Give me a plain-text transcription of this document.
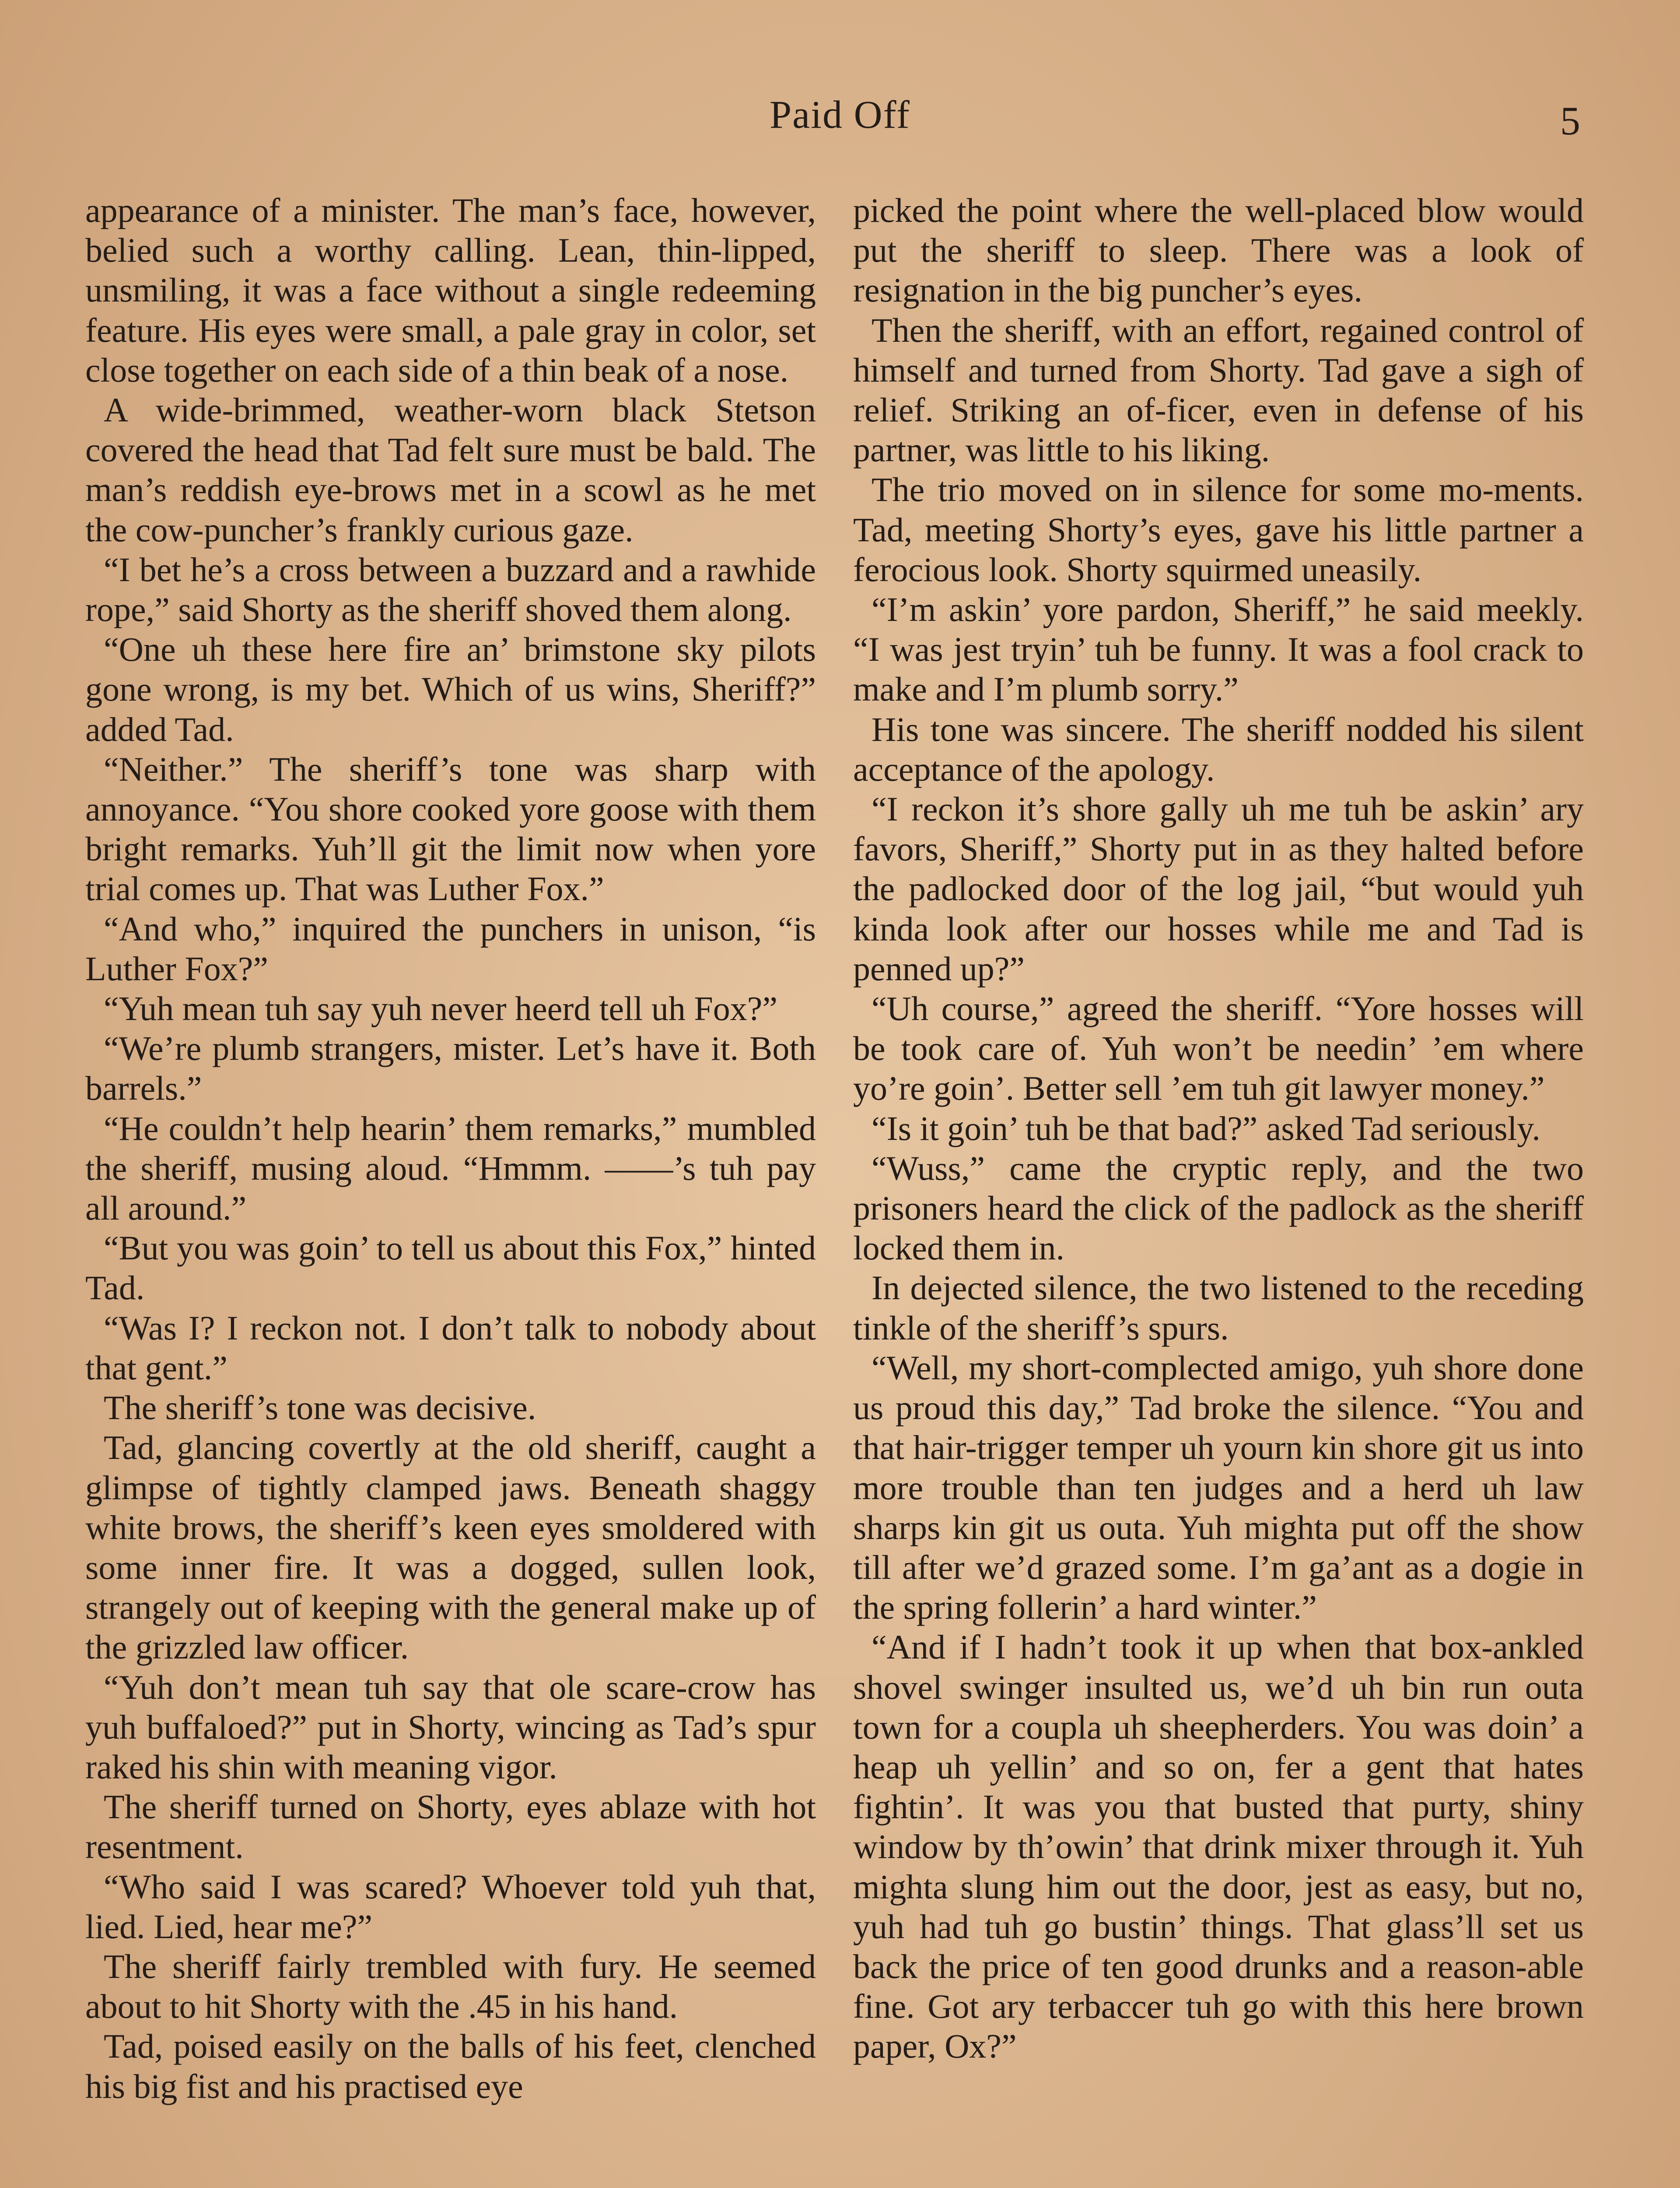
Paid Off	5

appearance of a minister. The man’s face, however, belied such a worthy calling. Lean, thin-lipped, unsmiling, it was a face without a single redeeming feature. His eyes were small, a pale gray in color, set close together on each side of a thin beak of a nose.

A wide-brimmed, weather-worn black Stetson covered the head that Tad felt sure must be bald. The man’s reddish eye-brows met in a scowl as he met the cow-puncher’s frankly curious gaze.

“I bet he’s a cross between a buzzard and a rawhide rope,” said Shorty as the sheriff shoved them along.

“One uh these here fire an’ brimstone sky pilots gone wrong, is my bet. Which of us wins, Sheriff?” added Tad.

“Neither.” The sheriff’s tone was sharp with annoyance. “You shore cooked yore goose with them bright remarks. Yuh’ll git the limit now when yore trial comes up. That was Luther Fox.”

“And who,” inquired the punchers in unison, “is Luther Fox?”

“Yuh mean tuh say yuh never heerd tell uh Fox?”

“We’re plumb strangers, mister. Let’s have it. Both barrels.”

“He couldn’t help hearin’ them remarks,” mumbled the sheriff, musing aloud. “Hmmm. ——’s tuh pay all around.”

“But you was goin’ to tell us about this Fox,” hinted Tad.

“Was I? I reckon not. I don’t talk to nobody about that gent.”

The sheriff’s tone was decisive.

Tad, glancing covertly at the old sheriff, caught a glimpse of tightly clamped jaws. Beneath shaggy white brows, the sheriff’s keen eyes smoldered with some inner fire. It was a dogged, sullen look, strangely out of keeping with the general make up of the grizzled law officer.

“Yuh don’t mean tuh say that ole scare-crow has yuh buffaloed?” put in Shorty, wincing as Tad’s spur raked his shin with meaning vigor.

The sheriff turned on Shorty, eyes ablaze with hot resentment.

“Who said I was scared? Whoever told yuh that, lied. Lied, hear me?”

The sheriff fairly trembled with fury. He seemed about to hit Shorty with the .45 in his hand.

Tad, poised easily on the balls of his feet, clenched his big fist and his practised eye

picked the point where the well-placed blow would put the sheriff to sleep. There was a look of resignation in the big puncher’s eyes.

Then the sheriff, with an effort, regained control of himself and turned from Shorty. Tad gave a sigh of relief. Striking an of-ficer, even in defense of his partner, was little to his liking.

The trio moved on in silence for some mo-ments. Tad, meeting Shorty’s eyes, gave his little partner a ferocious look. Shorty squirmed uneasily.

“I’m askin’ yore pardon, Sheriff,” he said meekly. “I was jest tryin’ tuh be funny. It was a fool crack to make and I’m plumb sorry.”

His tone was sincere. The sheriff nodded his silent acceptance of the apology.

“I reckon it’s shore gally uh me tuh be askin’ ary favors, Sheriff,” Shorty put in as they halted before the padlocked door of the log jail, “but would yuh kinda look after our hosses while me and Tad is penned up?”

“Uh course,” agreed the sheriff. “Yore hosses will be took care of. Yuh won’t be needin’ ’em where yo’re goin’. Better sell ’em tuh git lawyer money.”

“Is it goin’ tuh be that bad?” asked Tad seriously.

“Wuss,” came the cryptic reply, and the two prisoners heard the click of the padlock as the sheriff locked them in.

In dejected silence, the two listened to the receding tinkle of the sheriff’s spurs.

“Well, my short-complected amigo, yuh shore done us proud this day,” Tad broke the silence. “You and that hair-trigger temper uh yourn kin shore git us into more trouble than ten judges and a herd uh law sharps kin git us outa. Yuh mighta put off the show till after we’d grazed some. I’m ga’ant as a dogie in the spring follerin’ a hard winter.”

“And if I hadn’t took it up when that box-ankled shovel swinger insulted us, we’d uh bin run outa town for a coupla uh sheepherders. You was doin’ a heap uh yellin’ and so on, fer a gent that hates fightin’. It was you that busted that purty, shiny window by th’owin’ that drink mixer through it. Yuh mighta slung him out the door, jest as easy, but no, yuh had tuh go bustin’ things. That glass’ll set us back the price of ten good drunks and a reason-able fine. Got ary terbaccer tuh go with this here brown paper, Ox?”
